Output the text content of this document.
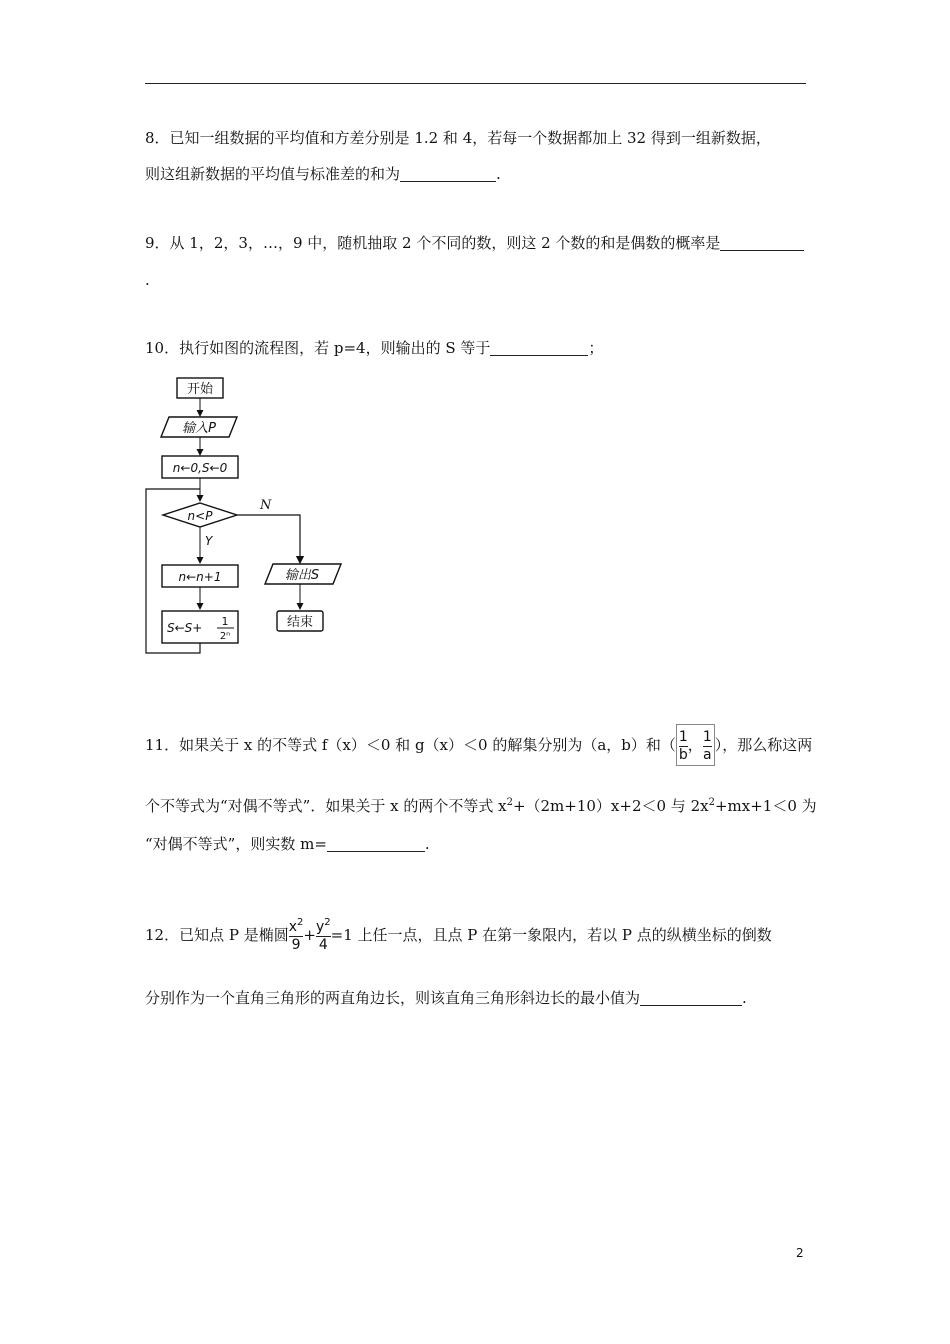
8．已知一组数据的平均值和方差分别是 1.2 和 4，若每一个数据都加上 32 得到一组新数据，
则这组新数据的平均值与标准差的和为	.
9．从 1，2，3，…，9 中，随机抽取 2 个不同的数，则这 2 个数的和是偶数的概率是
.
10．执行如图的流程图，若 p=4，则输出的 S 等于	；
开始
输入P
n←0,S←0
n<P
N
Y
n←n+1
S←S+ 1
2ⁿ
输出S
结束
11．如果关于 x 的不等式 f（x）＜0 和 g（x）＜0 的解集分别为（a，b）和（ $\frac{1}{b}$ ， $\frac{1}{a}$ ），那么称这两
个不等式为“对偶不等式”．如果关于 x 的两个不等式 $x^2+(2m+10)x+2<0$ 与 $2x^2+mx+1<0$ 为
“对偶不等式”，则实数 m=	.
12．已知点 P 是椭圆 $\frac{x^2}{9} + \frac{y^2}{4} =1$ 上任一点，且点 P 在第一象限内，若以 P 点的纵横坐标的倒数
分别作为一个直角三角形的两直角边长，则该直角三角形斜边长的最小值为	.
2
